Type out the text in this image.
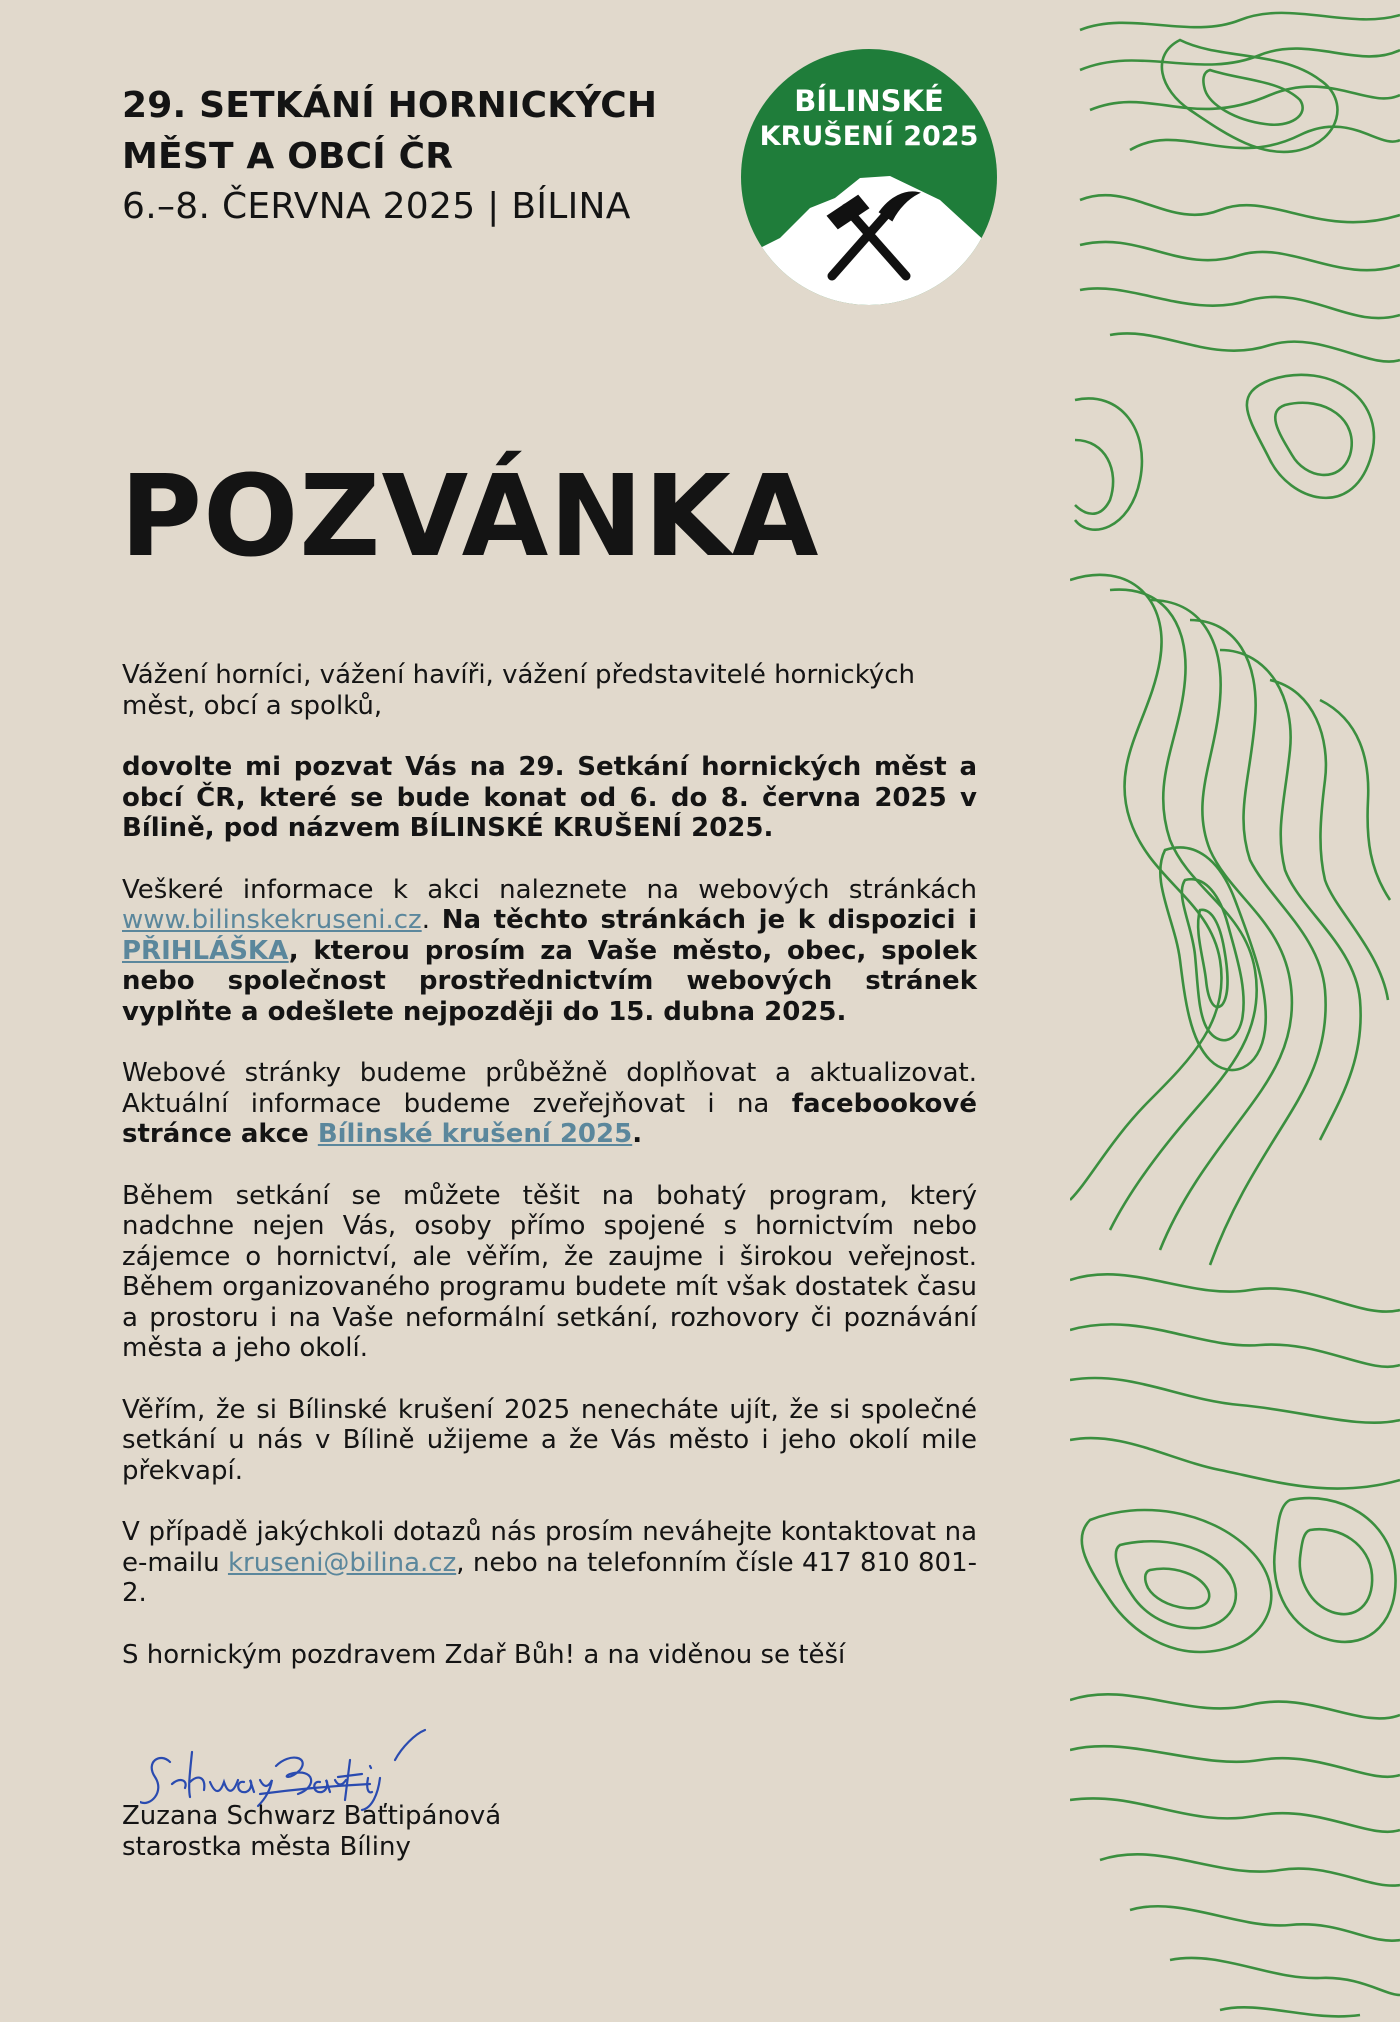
29. SETKÁNÍ HORNICKÝCH
MĚST A OBCÍ ČR
6.–8. ČERVNA 2025 | BÍLINA
BÍLINSKÉ
KRUŠENÍ 2025
POZVÁNKA

Vážení horníci, vážení havíři, vážení představitelé hornických měst, obcí a spolků,

dovolte mi pozvat Vás na 29. Setkání hornických měst a obcí ČR, které se bude konat od 6. do 8. června 2025 v Bílině, pod názvem BÍLINSKÉ KRUŠENÍ 2025.

Veškeré informace k akci naleznete na webových stránkách www.bilinskekruseni.cz. Na těchto stránkách je k dispozici i PŘIHLÁŠKA, kterou prosím za Vaše město, obec, spolek nebo společnost prostřednictvím webových stránek vyplňte a odešlete nejpozději do 15. dubna 2025.

Webové stránky budeme průběžně doplňovat a aktualizovat. Aktuální informace budeme zveřejňovat i na facebookové stránce akce Bílinské krušení 2025.

Během setkání se můžete těšit na bohatý program, který nadchne nejen Vás, osoby přímo spojené s hornictvím nebo zájemce o hornictví, ale věřím, že zaujme i širokou veřejnost. Během organizovaného programu budete mít však dostatek času a prostoru i na Vaše neformální setkání, rozhovory či poznávání města a jeho okolí.

Věřím, že si Bílinské krušení 2025 nenecháte ujít, že si společné setkání u nás v Bílině užijeme a že Vás město i jeho okolí mile překvapí.

V případě jakýchkoli dotazů nás prosím neváhejte kontaktovat na e-mailu kruseni@bilina.cz, nebo na telefonním čísle 417 810 801-2.

S hornickým pozdravem Zdař Bůh! a na viděnou se těší

Zuzana Schwarz Baťtipánová
starostka města Bíliny
